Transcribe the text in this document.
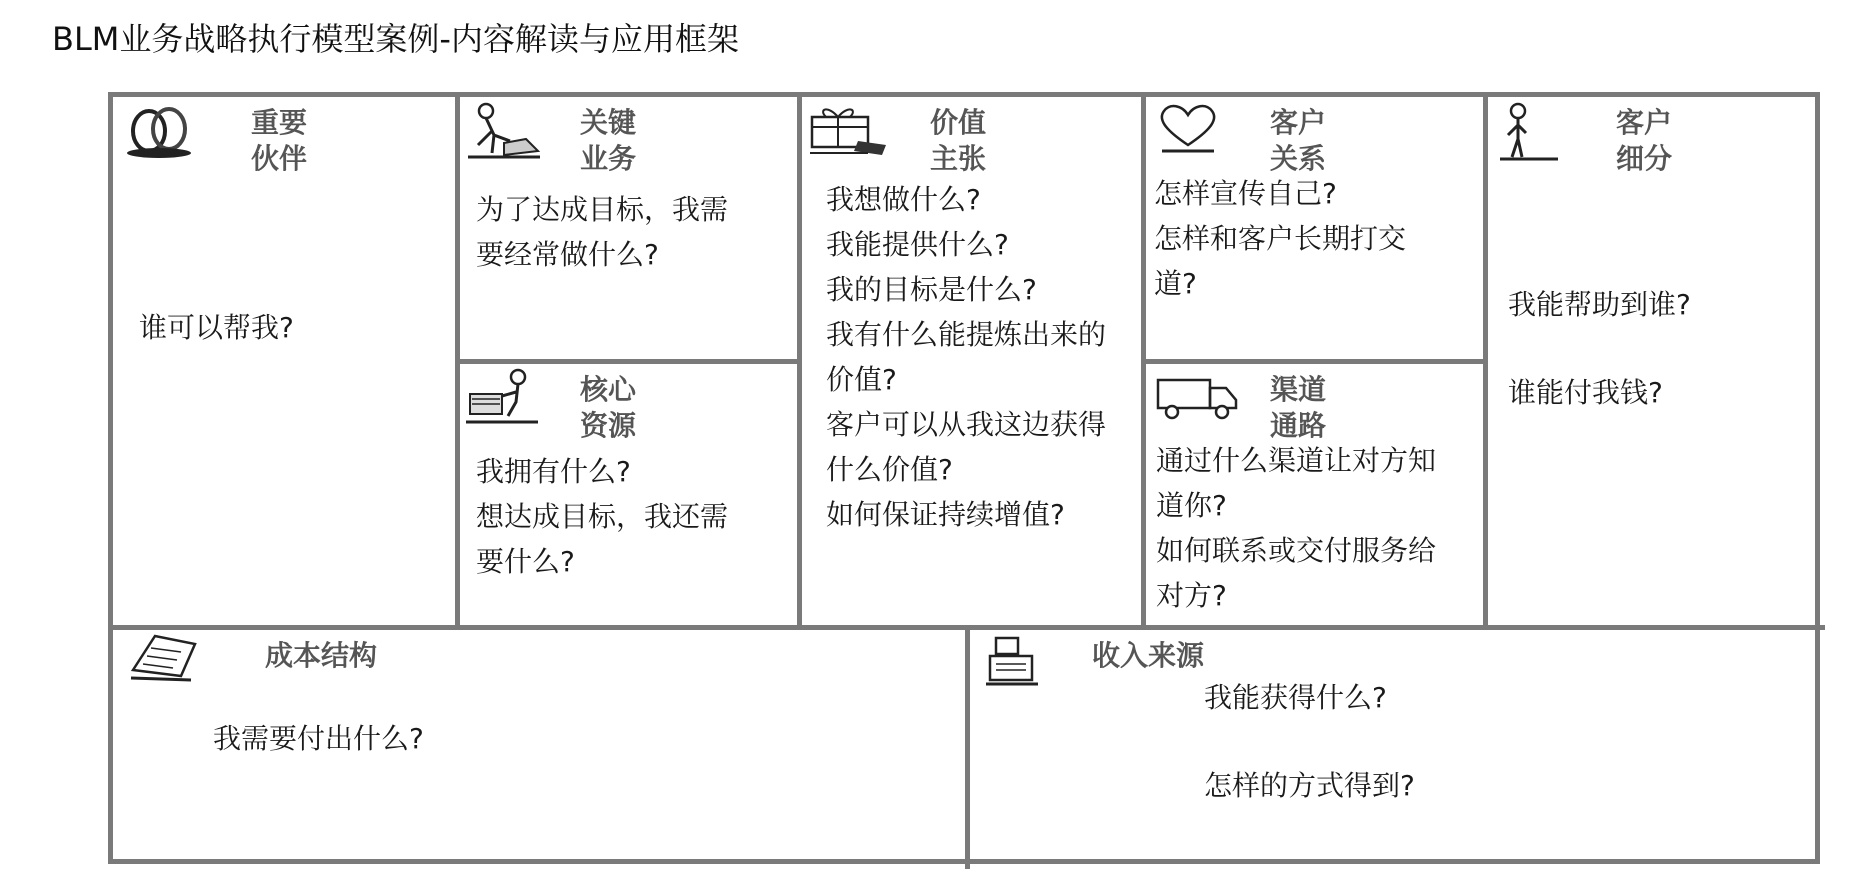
BLM业务战略执行模型案例-内容解读与应用框架
重要
伙伴
谁可以帮我?
关键
业务
为了达成目标，我需
要经常做什么?
核心
资源
我拥有什么?
想达成目标，我还需
要什么?
价值
主张
我想做什么?
我能提供什么?
我的目标是什么?
我有什么能提炼出来的
价值?
客户可以从我这边获得
什么价值?
如何保证持续增值?
客户
关系
怎样宣传自己?
怎样和客户长期打交
道?
渠道
通路
通过什么渠道让对方知
道你?
如何联系或交付服务给
对方?
客户
细分
我能帮助到谁?
谁能付我钱?
成本结构
我需要付出什么?
收入来源
我能获得什么?
怎样的方式得到?
